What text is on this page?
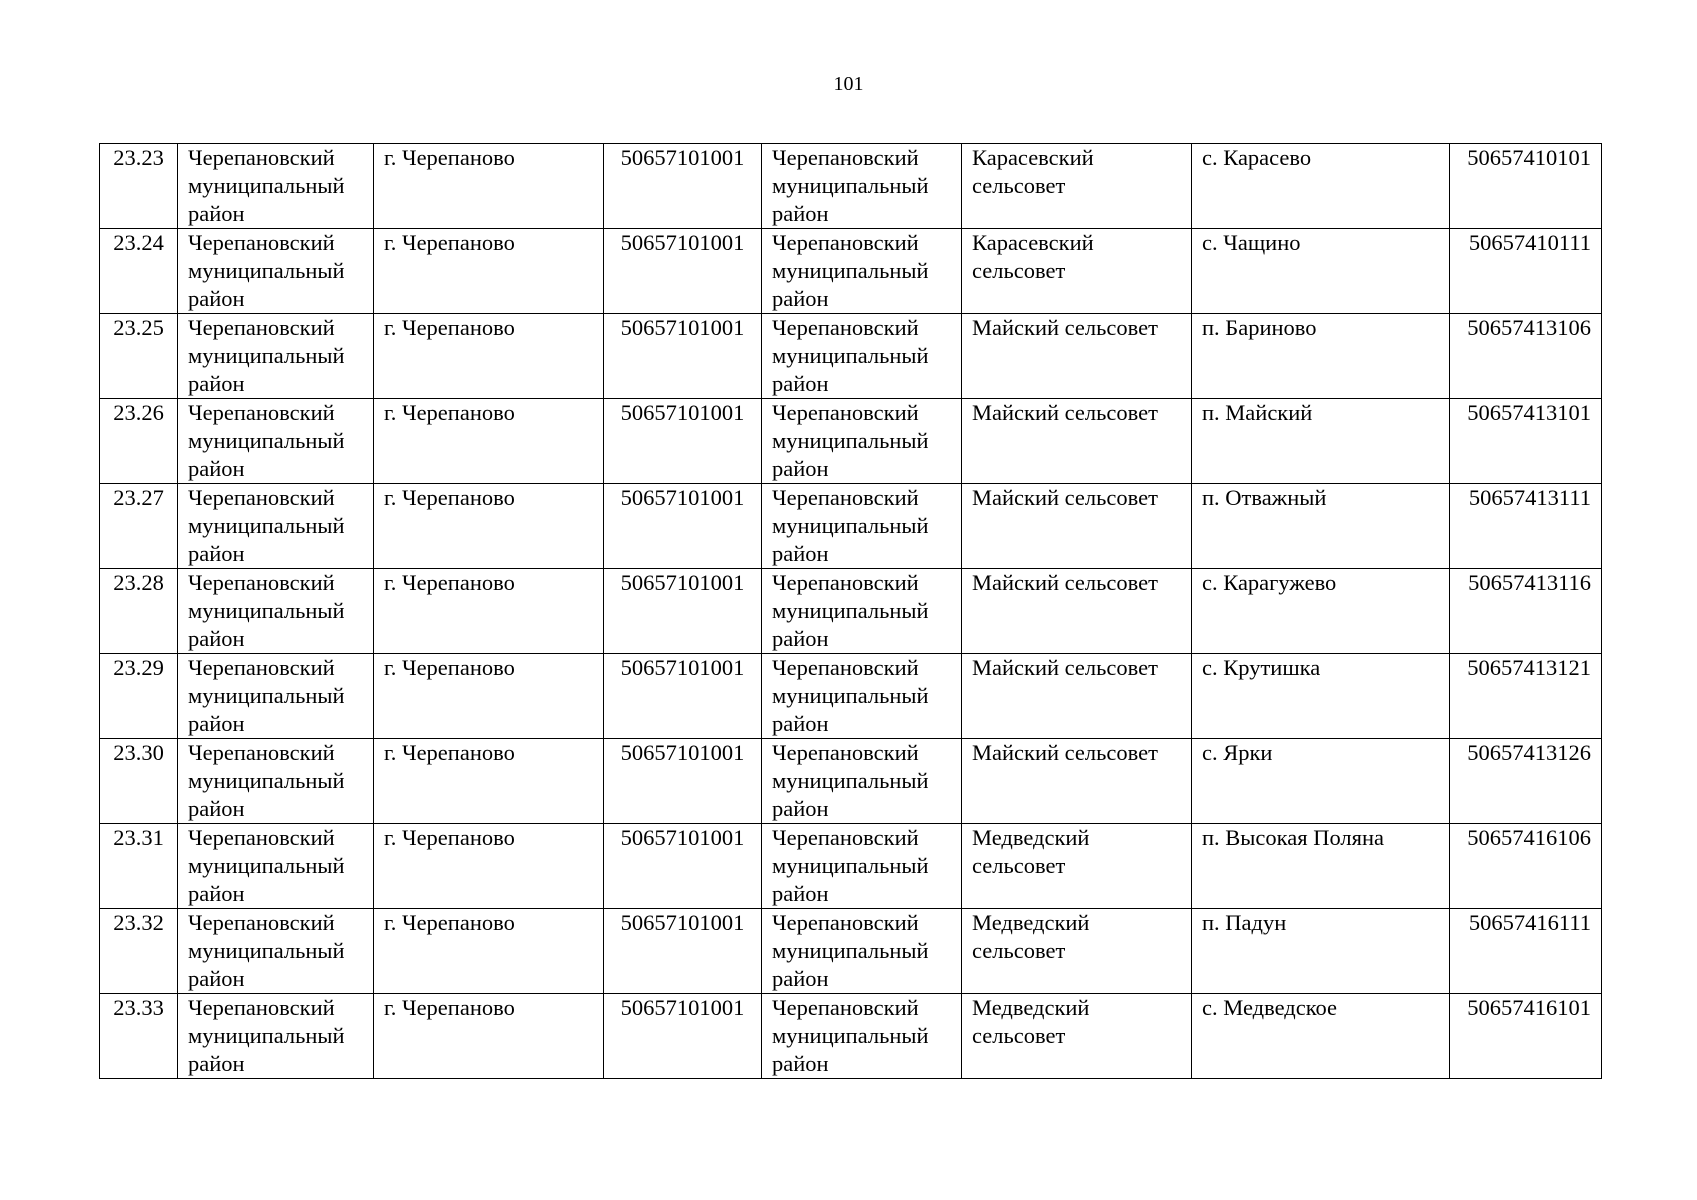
101
23.23	Черепановский муниципальный район	г. Черепаново	50657101001	Черепановский муниципальный район	Карасевский сельсовет	с. Карасево	50657410101
23.24	Черепановский муниципальный район	г. Черепаново	50657101001	Черепановский муниципальный район	Карасевский сельсовет	с. Чащино	50657410111
23.25	Черепановский муниципальный район	г. Черепаново	50657101001	Черепановский муниципальный район	Майский сельсовет	п. Бариново	50657413106
23.26	Черепановский муниципальный район	г. Черепаново	50657101001	Черепановский муниципальный район	Майский сельсовет	п. Майский	50657413101
23.27	Черепановский муниципальный район	г. Черепаново	50657101001	Черепановский муниципальный район	Майский сельсовет	п. Отважный	50657413111
23.28	Черепановский муниципальный район	г. Черепаново	50657101001	Черепановский муниципальный район	Майский сельсовет	с. Карагужево	50657413116
23.29	Черепановский муниципальный район	г. Черепаново	50657101001	Черепановский муниципальный район	Майский сельсовет	с. Крутишка	50657413121
23.30	Черепановский муниципальный район	г. Черепаново	50657101001	Черепановский муниципальный район	Майский сельсовет	с. Ярки	50657413126
23.31	Черепановский муниципальный район	г. Черепаново	50657101001	Черепановский муниципальный район	Медведский сельсовет	п. Высокая Поляна	50657416106
23.32	Черепановский муниципальный район	г. Черепаново	50657101001	Черепановский муниципальный район	Медведский сельсовет	п. Падун	50657416111
23.33	Черепановский муниципальный район	г. Черепаново	50657101001	Черепановский муниципальный район	Медведский сельсовет	с. Медведское	50657416101
